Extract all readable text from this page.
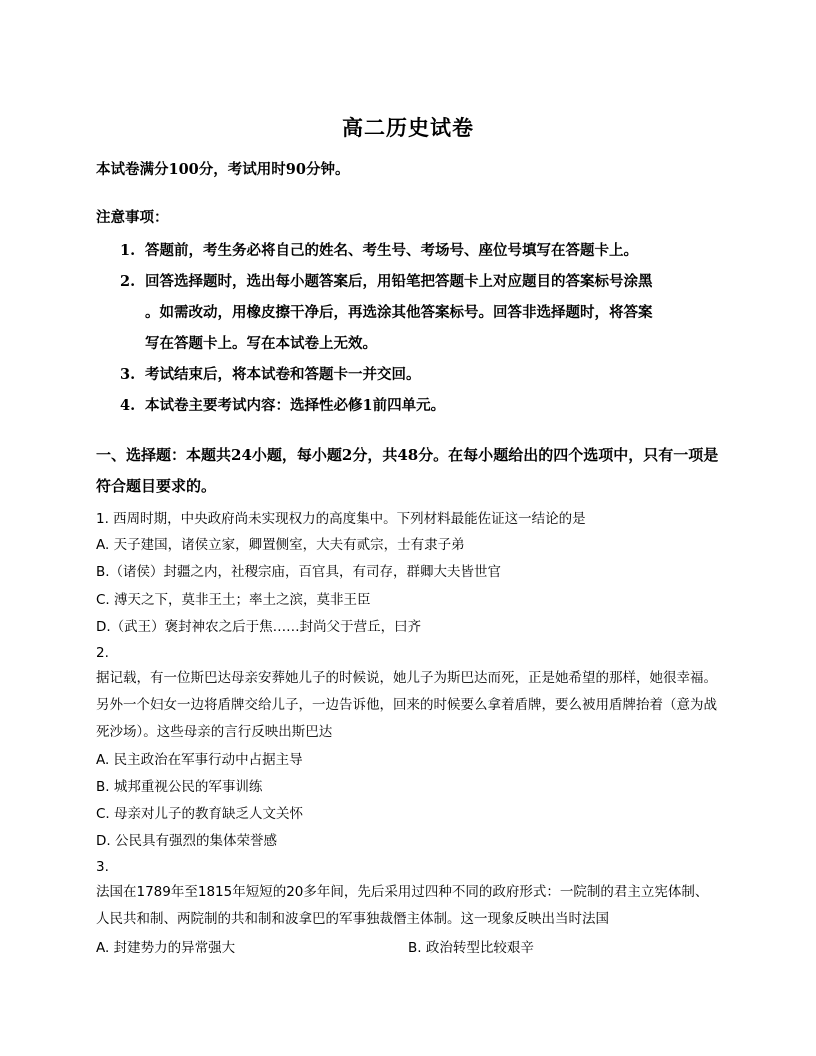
高二历史试卷
本试卷满分100分，考试用时90分钟。
注意事项：
1. 答题前，考生务必将自己的姓名、考生号、考场号、座位号填写在答题卡上。
2. 回答选择题时，选出每小题答案后，用铅笔把答题卡上对应题目的答案标号涂黑
。如需改动，用橡皮擦干净后，再选涂其他答案标号。回答非选择题时，将答案
写在答题卡上。写在本试卷上无效。
3. 考试结束后，将本试卷和答题卡一并交回。
4. 本试卷主要考试内容：选择性必修1前四单元。
一、选择题：本题共24小题，每小题2分，共48分。在每小题给出的四个选项中，只有一项是符合题目要求的。
1. 西周时期，中央政府尚未实现权力的高度集中。下列材料最能佐证这一结论的是
A. 天子建国，诸侯立家，卿置侧室，大夫有贰宗，士有隶子弟
B.（诸侯）封疆之内，社稷宗庙，百官具，有司存，群卿大夫皆世官
C. 溥天之下，莫非王土；率土之滨，莫非王臣
D.（武王）褒封神农之后于焦……封尚父于营丘，曰齐
2.
据记载，有一位斯巴达母亲安葬她儿子的时候说，她儿子为斯巴达而死，正是她希望的那样，她很幸福。另外一个妇女一边将盾牌交给儿子，一边告诉他，回来的时候要么拿着盾牌，要么被用盾牌抬着（意为战死沙场）。这些母亲的言行反映出斯巴达
A. 民主政治在军事行动中占据主导
B. 城邦重视公民的军事训练
C. 母亲对儿子的教育缺乏人文关怀
D. 公民具有强烈的集体荣誉感
3.
法国在1789年至1815年短短的20多年间，先后采用过四种不同的政府形式：一院制的君主立宪体制、人民共和制、两院制的共和制和波拿巴的军事独裁僭主体制。这一现象反映出当时法国
A. 封建势力的异常强大	B. 政治转型比较艰辛
